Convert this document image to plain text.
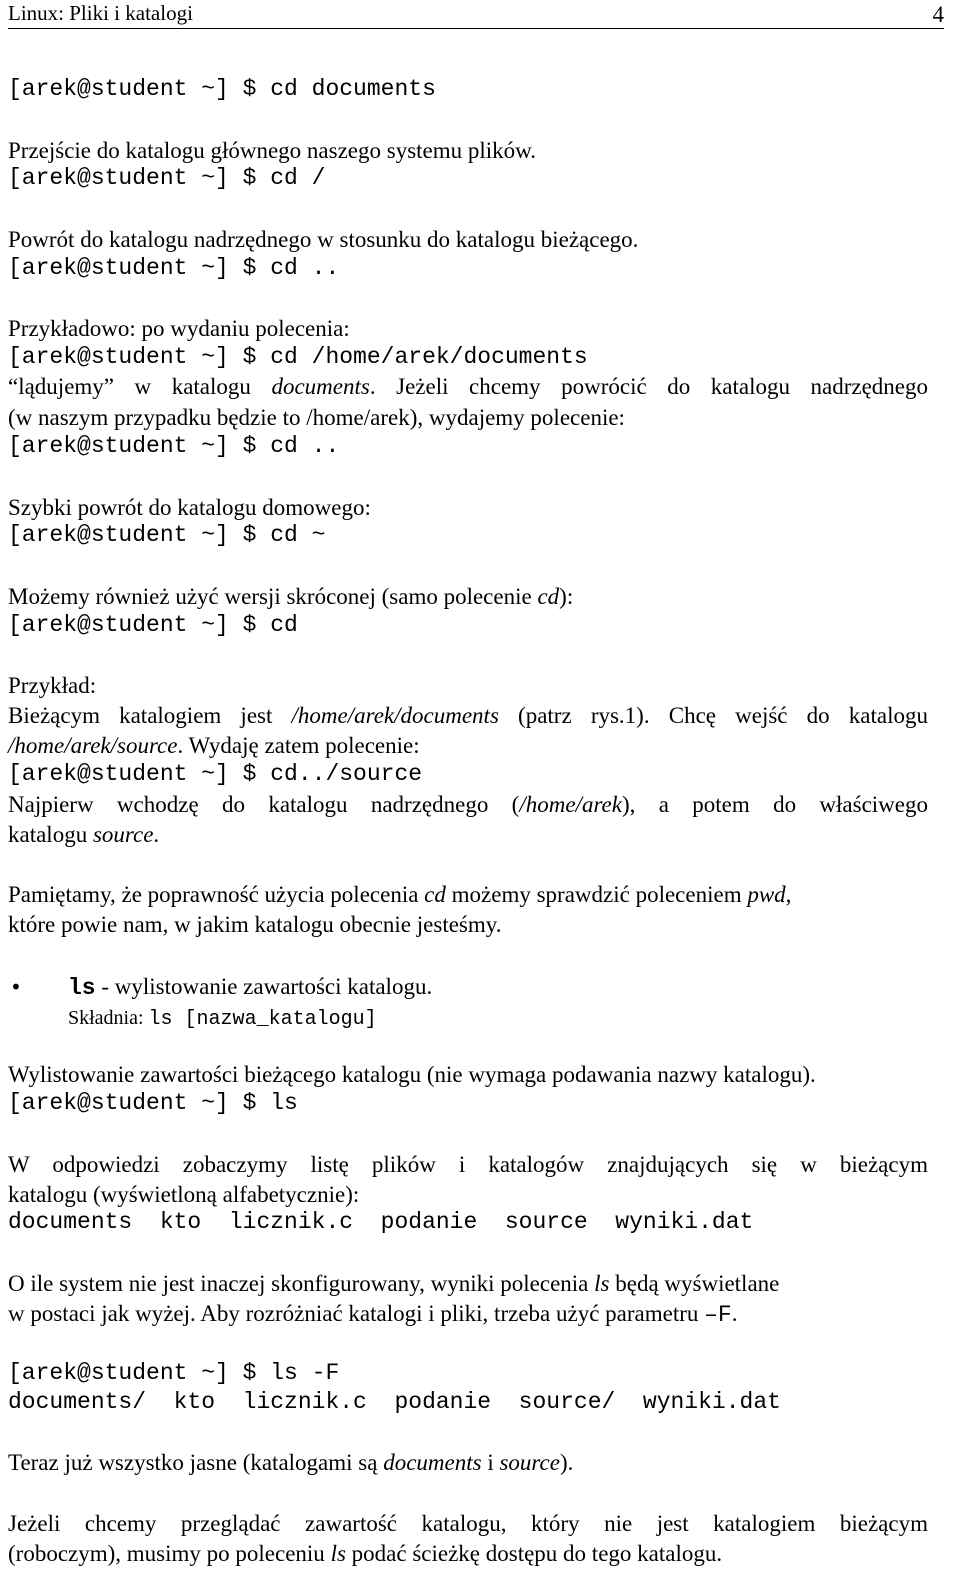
Linux: Pliki i katalogi	4
[arek@student ~] $ cd documents
Przejście do katalogu głównego naszego systemu plików.
[arek@student ~] $ cd /
Powrót do katalogu nadrzędnego w stosunku do katalogu bieżącego.
[arek@student ~] $ cd ..
Przykładowo: po wydaniu polecenia:
[arek@student ~] $ cd /home/arek/documents
“lądujemy” w katalogu documents. Jeżeli chcemy powrócić do katalogu nadrzędnego
(w naszym przypadku będzie to /home/arek), wydajemy polecenie:
[arek@student ~] $ cd ..
Szybki powrót do katalogu domowego:
[arek@student ~] $ cd ~
Możemy również użyć wersji skróconej (samo polecenie cd):
[arek@student ~] $ cd
Przykład:
Bieżącym katalogiem jest /home/arek/documents (patrz rys.1). Chcę wejść do katalogu
/home/arek/source. Wydaję zatem polecenie:
[arek@student ~] $ cd../source
Najpierw wchodzę do katalogu nadrzędnego (/home/arek), a potem do właściwego
katalogu source.
Pamiętamy, że poprawność użycia polecenia cd możemy sprawdzić poleceniem pwd,
które powie nam, w jakim katalogu obecnie jesteśmy.
• ls - wylistowanie zawartości katalogu.
Składnia: ls [nazwa_katalogu]
Wylistowanie zawartości bieżącego katalogu (nie wymaga podawania nazwy katalogu).
[arek@student ~] $ ls
W odpowiedzi zobaczymy listę plików i katalogów znajdujących się w bieżącym
katalogu (wyświetloną alfabetycznie):
documents  kto  licznik.c  podanie  source  wyniki.dat
O ile system nie jest inaczej skonfigurowany, wyniki polecenia ls będą wyświetlane
w postaci jak wyżej. Aby rozróżniać katalogi i pliki, trzeba użyć parametru –F.
[arek@student ~] $ ls -F
documents/  kto  licznik.c  podanie  source/  wyniki.dat
Teraz już wszystko jasne (katalogami są documents i source).
Jeżeli chcemy przeglądać zawartość katalogu, który nie jest katalogiem bieżącym
(roboczym), musimy po poleceniu ls podać ścieżkę dostępu do tego katalogu.
